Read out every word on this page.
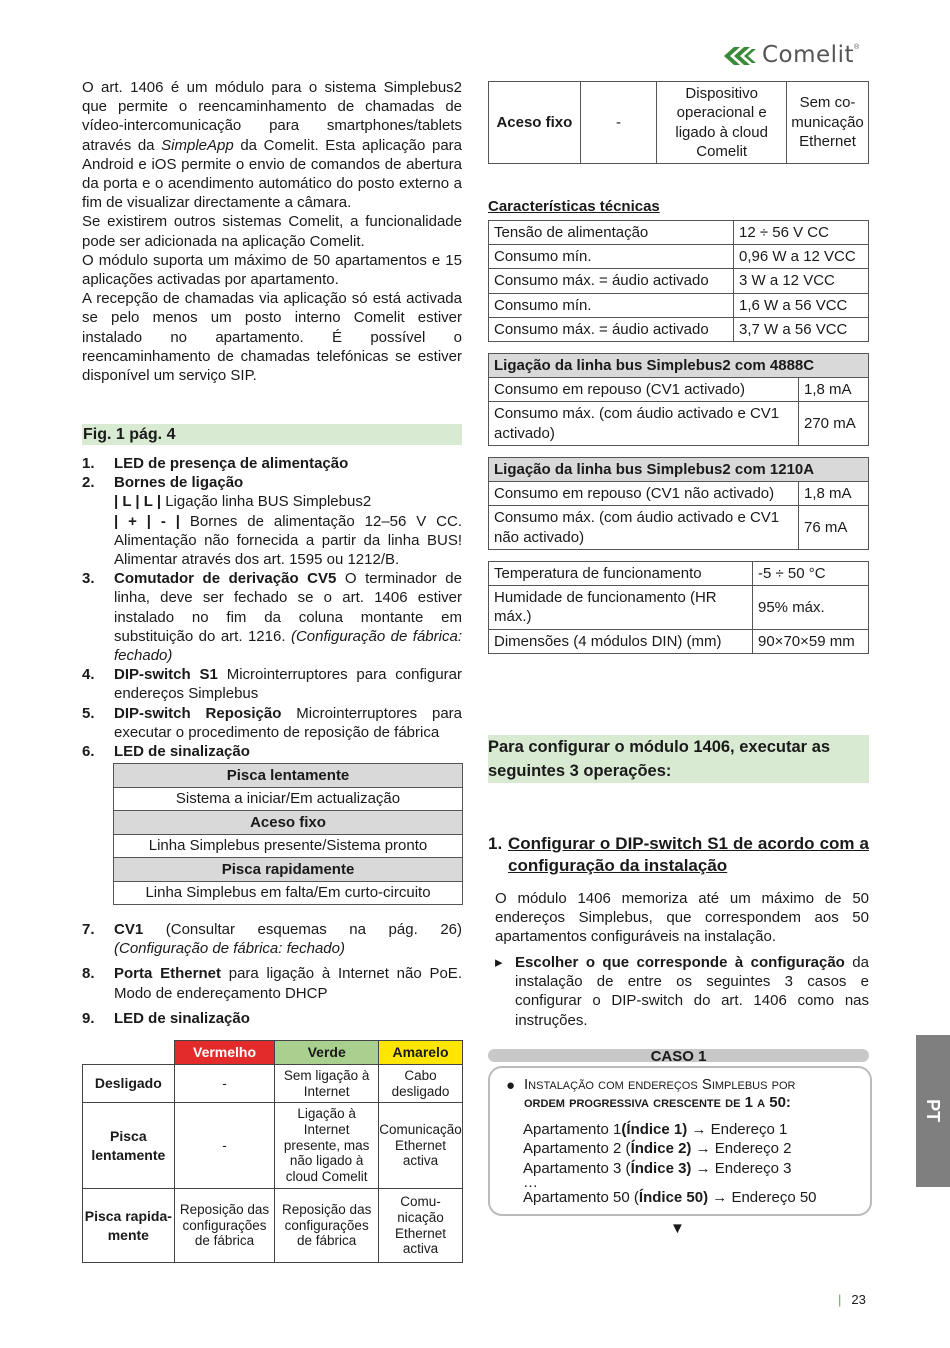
Comelit®

O art. 1406 é um módulo para o sistema Simplebus2 que permite o reencaminhamento de chamadas de vídeo-intercomunicação para smartphones/tablets através da SimpleApp da Comelit. Esta aplicação para Android e iOS permite o envio de comandos de abertura da porta e o acendimento automático do posto externo a fim de visualizar directamente a câmara.

Se existirem outros sistemas Comelit, a funcionalidade pode ser adicionada na aplicação Comelit.

O módulo suporta um máximo de 50 apartamentos e 15 aplicações activadas por apartamento.

A recepção de chamadas via aplicação só está activada se pelo menos um posto interno Comelit estiver instalado no apartamento. É possível o reencaminhamento de chamadas telefónicas se estiver disponível um serviço SIP.

Fig. 1 pág. 4
1.	LED de presença de alimentação
2.	Bornes de ligação
| L | L | Ligação linha BUS Simplebus2
| + | - | Bornes de alimentação 12–56 V CC. Alimentação não fornecida a partir da linha BUS! Alimentar através dos art. 1595 ou 1212/B.
3.	Comutador de derivação CV5 O terminador de linha, deve ser fechado se o art. 1406 estiver instalado no fim da coluna montante em substituição do art. 1216. (Configuração de fábrica: fechado)
4.	DIP-switch S1 Microinterruptores para configurar endereços Simplebus
5.	DIP-switch Reposição Microinterruptores para executar o procedimento de reposição de fábrica
6.	LED de sinalização
Pisca lentamente
Sistema a iniciar/Em actualização
Aceso fixo
Linha Simplebus presente/Sistema pronto
Pisca rapidamente
Linha Simplebus em falta/Em curto-circuito
7.	CV1 (Consultar esquemas na pág. 26) (Configuração de fábrica: fechado)
8.	Porta Ethernet para ligação à Internet não PoE. Modo de endereçamento DHCP
9.	LED de sinalização
	Vermelho	Verde	Amarelo
Desligado	-	Sem ligação à Internet	Cabo desligado
Pisca lentamente	-	Ligação à Internet presente, mas não ligado à cloud Comelit	Comunicação Ethernet activa
Pisca rapida-mente	Reposição das configurações de fábrica	Reposição das configurações de fábrica	Comu-nicação Ethernet activa
Aceso fixo	-	Dispositivo operacional e ligado à cloud Comelit	Sem co-municação Ethernet
Características técnicas
Tensão de alimentação	12 ÷ 56 V CC
Consumo mín.	0,96 W a 12 VCC
Consumo máx. = áudio activado	3 W a 12 VCC
Consumo mín.	1,6 W a 56 VCC
Consumo máx. = áudio activado	3,7 W a 56 VCC
Ligação da linha bus Simplebus2 com 4888C	
Consumo em repouso (CV1 activado)	1,8 mA
Consumo máx. (com áudio activado e CV1 activado)	270 mA
Ligação da linha bus Simplebus2 com 1210A	
Consumo em repouso (CV1 não activado)	1,8 mA
Consumo máx. (com áudio activado e CV1 não activado)	76 mA
Temperatura de funcionamento	-5 ÷ 50 °C
Humidade de funcionamento (HR máx.)	95% máx.
Dimensões (4 módulos DIN) (mm)	90×70×59 mm
Para configurar o módulo 1406, executar as seguintes 3 operações:
1. Configurar o DIP-switch S1 de acordo com a configuração da instalação

O módulo 1406 memoriza até um máximo de 50 endereços Simplebus, que correspondem aos 50 apartamentos configuráveis na instalação.

▸ Escolher o que corresponde à configuração da instalação de entre os seguintes 3 casos e configurar o DIP-switch do art. 1406 como nas instruções.
CASO 1
● Instalação com endereços Simplebus por
ordem progressiva crescente de 1 a 50:
Apartamento 1(Índice 1) → Endereço 1
Apartamento 2 (Índice 2) → Endereço 2
Apartamento 3 (Índice 3) → Endereço 3
…
Apartamento 50 (Índice 50) → Endereço 50
▼
PT
| 23
